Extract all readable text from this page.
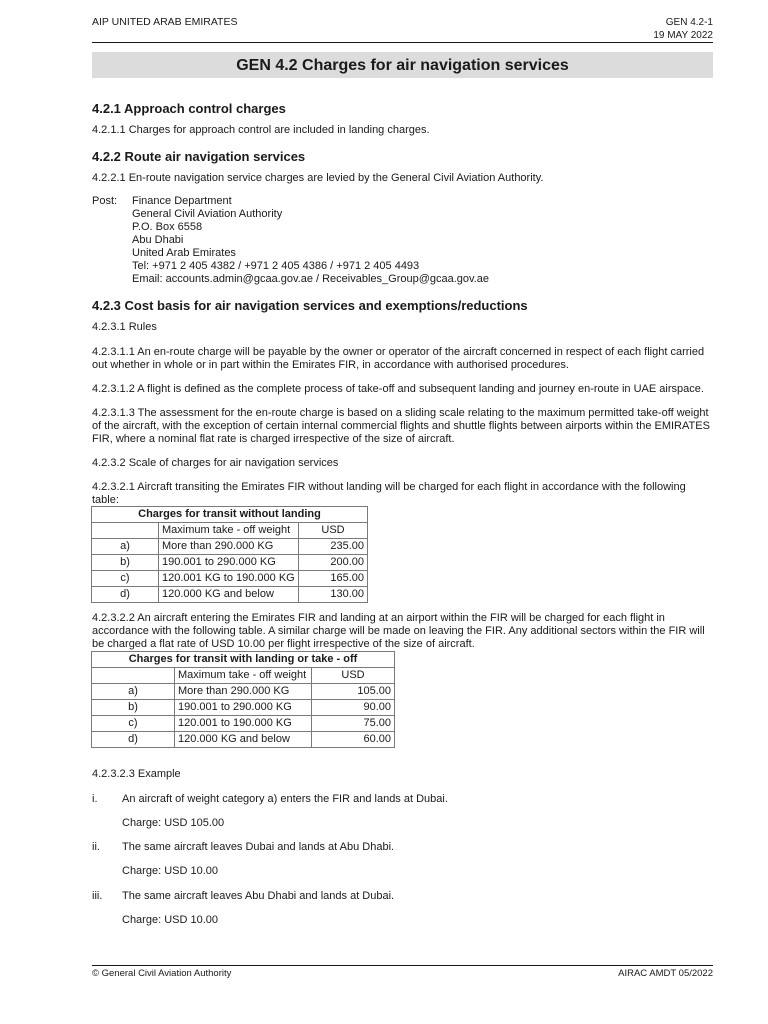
AIP UNITED ARAB EMIRATES	GEN 4.2-1
19 MAY 2022
GEN 4.2 Charges for air navigation services
4.2.1 Approach control charges
4.2.1.1 Charges for approach control are included in landing charges.
4.2.2 Route air navigation services
4.2.2.1 En-route navigation service charges are levied by the General Civil Aviation Authority.
Post: Finance Department
General Civil Aviation Authority
P.O. Box 6558
Abu Dhabi
United Arab Emirates
Tel: +971 2 405 4382 / +971 2 405 4386 / +971 2 405 4493
Email: accounts.admin@gcaa.gov.ae / Receivables_Group@gcaa.gov.ae
4.2.3 Cost basis for air navigation services and exemptions/reductions
4.2.3.1 Rules
4.2.3.1.1 An en-route charge will be payable by the owner or operator of the aircraft concerned in respect of each flight carried out whether in whole or in part within the Emirates FIR, in accordance with authorised procedures.
4.2.3.1.2 A flight is defined as the complete process of take-off and subsequent landing and journey en-route in UAE airspace.
4.2.3.1.3 The assessment for the en-route charge is based on a sliding scale relating to the maximum permitted take-off weight of the aircraft, with the exception of certain internal commercial flights and shuttle flights between airports within the EMIRATES FIR, where a nominal flat rate is charged irrespective of the size of aircraft.
4.2.3.2 Scale of charges for air navigation services
4.2.3.2.1 Aircraft transiting the Emirates FIR without landing will be charged for each flight in accordance with the following table:
Charges for transit without landing		
	Maximum take - off weight	USD
a)	More than 290.000 KG	235.00
b)	190.001 to 290.000 KG	200.00
c)	120.001 KG to 190.000 KG	165.00
d)	120.000 KG and below	130.00
4.2.3.2.2 An aircraft entering the Emirates FIR and landing at an airport within the FIR will be charged for each flight in accordance with the following table. A similar charge will be made on leaving the FIR. Any additional sectors within the FIR will be charged a flat rate of USD 10.00 per flight irrespective of the size of aircraft.
Charges for transit with landing or take - off		
	Maximum take - off weight	USD
a)	More than 290.000 KG	105.00
b)	190.001 to 290.000 KG	90.00
c)	120.001 to 190.000 KG	75.00
d)	120.000 KG and below	60.00
4.2.3.2.3 Example
i. An aircraft of weight category a) enters the FIR and lands at Dubai.
Charge: USD 105.00
ii. The same aircraft leaves Dubai and lands at Abu Dhabi.
Charge: USD 10.00
iii. The same aircraft leaves Abu Dhabi and lands at Dubai.
Charge: USD 10.00
© General Civil Aviation Authority	AIRAC AMDT 05/2022
